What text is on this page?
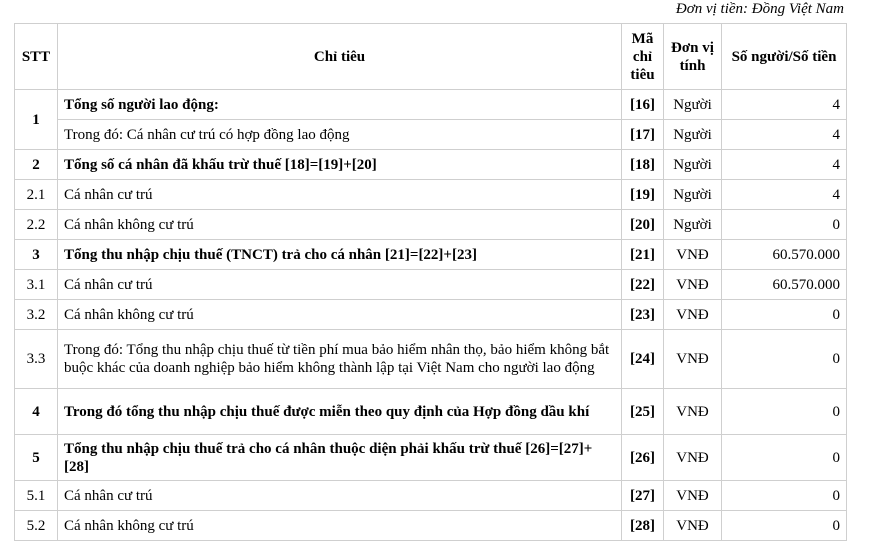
Đơn vị tiền: Đồng Việt Nam
STT	Chỉ tiêu	Mã chỉ tiêu	Đơn vị tính	Số người/Số tiền
1	Tổng số người lao động:	[16]	Người	4
	Trong đó: Cá nhân cư trú có hợp đồng lao động	[17]	Người	4
2	Tổng số cá nhân đã khấu trừ thuế [18]=[19]+[20]	[18]	Người	4
2.1	Cá nhân cư trú	[19]	Người	4
2.2	Cá nhân không cư trú	[20]	Người	0
3	Tổng thu nhập chịu thuế (TNCT) trả cho cá nhân [21]=[22]+[23]	[21]	VNĐ	60.570.000
3.1	Cá nhân cư trú	[22]	VNĐ	60.570.000
3.2	Cá nhân không cư trú	[23]	VNĐ	0
3.3	Trong đó: Tổng thu nhập chịu thuế từ tiền phí mua bảo hiểm nhân thọ, bảo hiểm không bắt buộc khác của doanh nghiệp bảo hiểm không thành lập tại Việt Nam cho người lao động	[24]	VNĐ	0
4	Trong đó tổng thu nhập chịu thuế được miễn theo quy định của Hợp đồng dầu khí	[25]	VNĐ	0
5	Tổng thu nhập chịu thuế trả cho cá nhân thuộc diện phải khấu trừ thuế [26]=[27]+[28]	[26]	VNĐ	0
5.1	Cá nhân cư trú	[27]	VNĐ	0
5.2	Cá nhân không cư trú	[28]	VNĐ	0
